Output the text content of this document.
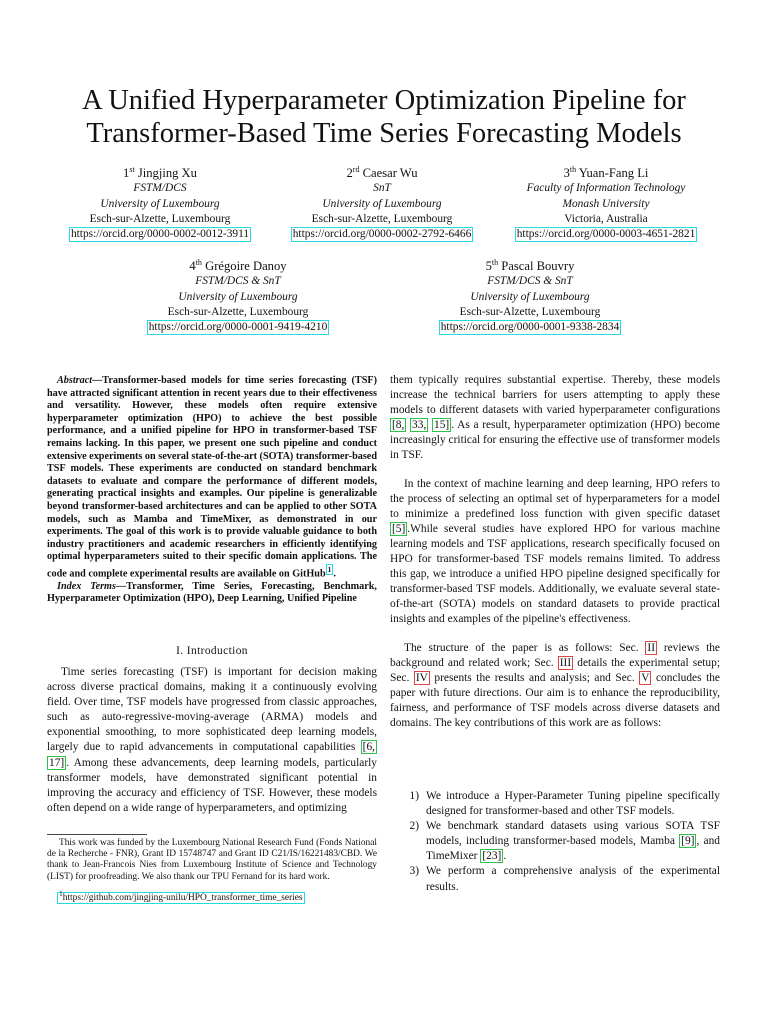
A Unified Hyperparameter Optimization Pipeline for Transformer-Based Time Series Forecasting Models
1st Jingjing Xu
FSTM/DCS
University of Luxembourg
Esch-sur-Alzette, Luxembourg
https://orcid.org/0000-0002-0012-3911
2rd Caesar Wu
SnT
University of Luxembourg
Esch-sur-Alzette, Luxembourg
https://orcid.org/0000-0002-2792-6466
3th Yuan-Fang Li
Faculty of Information Technology
Monash University
Victoria, Australia
https://orcid.org/0000-0003-4651-2821
4th Grégoire Danoy
FSTM/DCS & SnT
University of Luxembourg
Esch-sur-Alzette, Luxembourg
https://orcid.org/0000-0001-9419-4210
5th Pascal Bouvry
FSTM/DCS & SnT
University of Luxembourg
Esch-sur-Alzette, Luxembourg
https://orcid.org/0000-0001-9338-2834
Abstract—Transformer-based models for time series forecasting (TSF) have attracted significant attention in recent years due to their effectiveness and versatility. However, these models often require extensive hyperparameter optimization (HPO) to achieve the best possible performance, and a unified pipeline for HPO in transformer-based TSF remains lacking. In this paper, we present one such pipeline and conduct extensive experiments on several state-of-the-art (SOTA) transformer-based TSF models. These experiments are conducted on standard benchmark datasets to evaluate and compare the performance of different models, generating practical insights and examples. Our pipeline is generalizable beyond transformer-based architectures and can be applied to other SOTA models, such as Mamba and TimeMixer, as demonstrated in our experiments. The goal of this work is to provide valuable guidance to both industry practitioners and academic researchers in efficiently identifying optimal hyperparameters suited to their specific domain applications. The code and complete experimental results are available on GitHub $^1$ .
Index Terms—Transformer, Time Series, Forecasting, Benchmark, Hyperparameter Optimization (HPO), Deep Learning, Unified Pipeline
I. Introduction

Time series forecasting (TSF) is important for decision making across diverse practical domains, making it a continuously evolving field. Over time, TSF models have progressed from classic approaches, such as auto-regressive-moving-average (ARMA) models and exponential smoothing, to more sophisticated deep learning models, largely due to rapid advancements in computational capabilities [6, 17] . Among these advancements, deep learning models, particularly transformer models, have demonstrated significant potential in improving the accuracy and efficiency of TSF. However, these models often depend on a wide range of hyperparameters, and optimizing

This work was funded by the Luxembourg National Research Fund (Fonds National de la Recherche - FNR), Grant ID 15748747 and Grant ID C21/IS/16221483/CBD. We thank to Jean-Francois Nies from Luxembourg Institute of Science and Technology (LIST) for proofreading. We also thank our TPU Fernand for its hard work.
$^1$https://github.com/jingjing-unilu/HPO_transformer_time_series

them typically requires substantial expertise. Thereby, these models increase the technical barriers for users attempting to apply these models to different datasets with varied hyperparameter configurations [8, 33, 15] . As a result, hyperparameter optimization (HPO) become increasingly critical for ensuring the effective use of transformer models in TSF.

In the context of machine learning and deep learning, HPO refers to the process of selecting an optimal set of hyperparameters for a model to minimize a predefined loss function with given specific dataset [5] .While several studies have explored HPO for various machine learning models and TSF applications, research specifically focused on HPO for transformer-based TSF models remains limited. To address this gap, we introduce a unified HPO pipeline designed specifically for transformer-based TSF models. Additionally, we evaluate several state-of-the-art (SOTA) models on standard datasets to provide practical insights and examples of the pipeline's effectiveness.

The structure of the paper is as follows: Sec. II reviews the background and related work; Sec. III details the experimental setup; Sec. IV presents the results and analysis; and Sec. V concludes the paper with future directions. Our aim is to enhance the reproducibility, fairness, and performance of TSF models across diverse datasets and domains. The key contributions of this work are as follows:

1) We introduce a Hyper-Parameter Tuning pipeline specifically designed for transformer-based and other TSF models.
2) We benchmark standard datasets using various SOTA TSF models, including transformer-based models, Mamba [9] , and TimeMixer [23] .
3) We perform a comprehensive analysis of the experimental results.
